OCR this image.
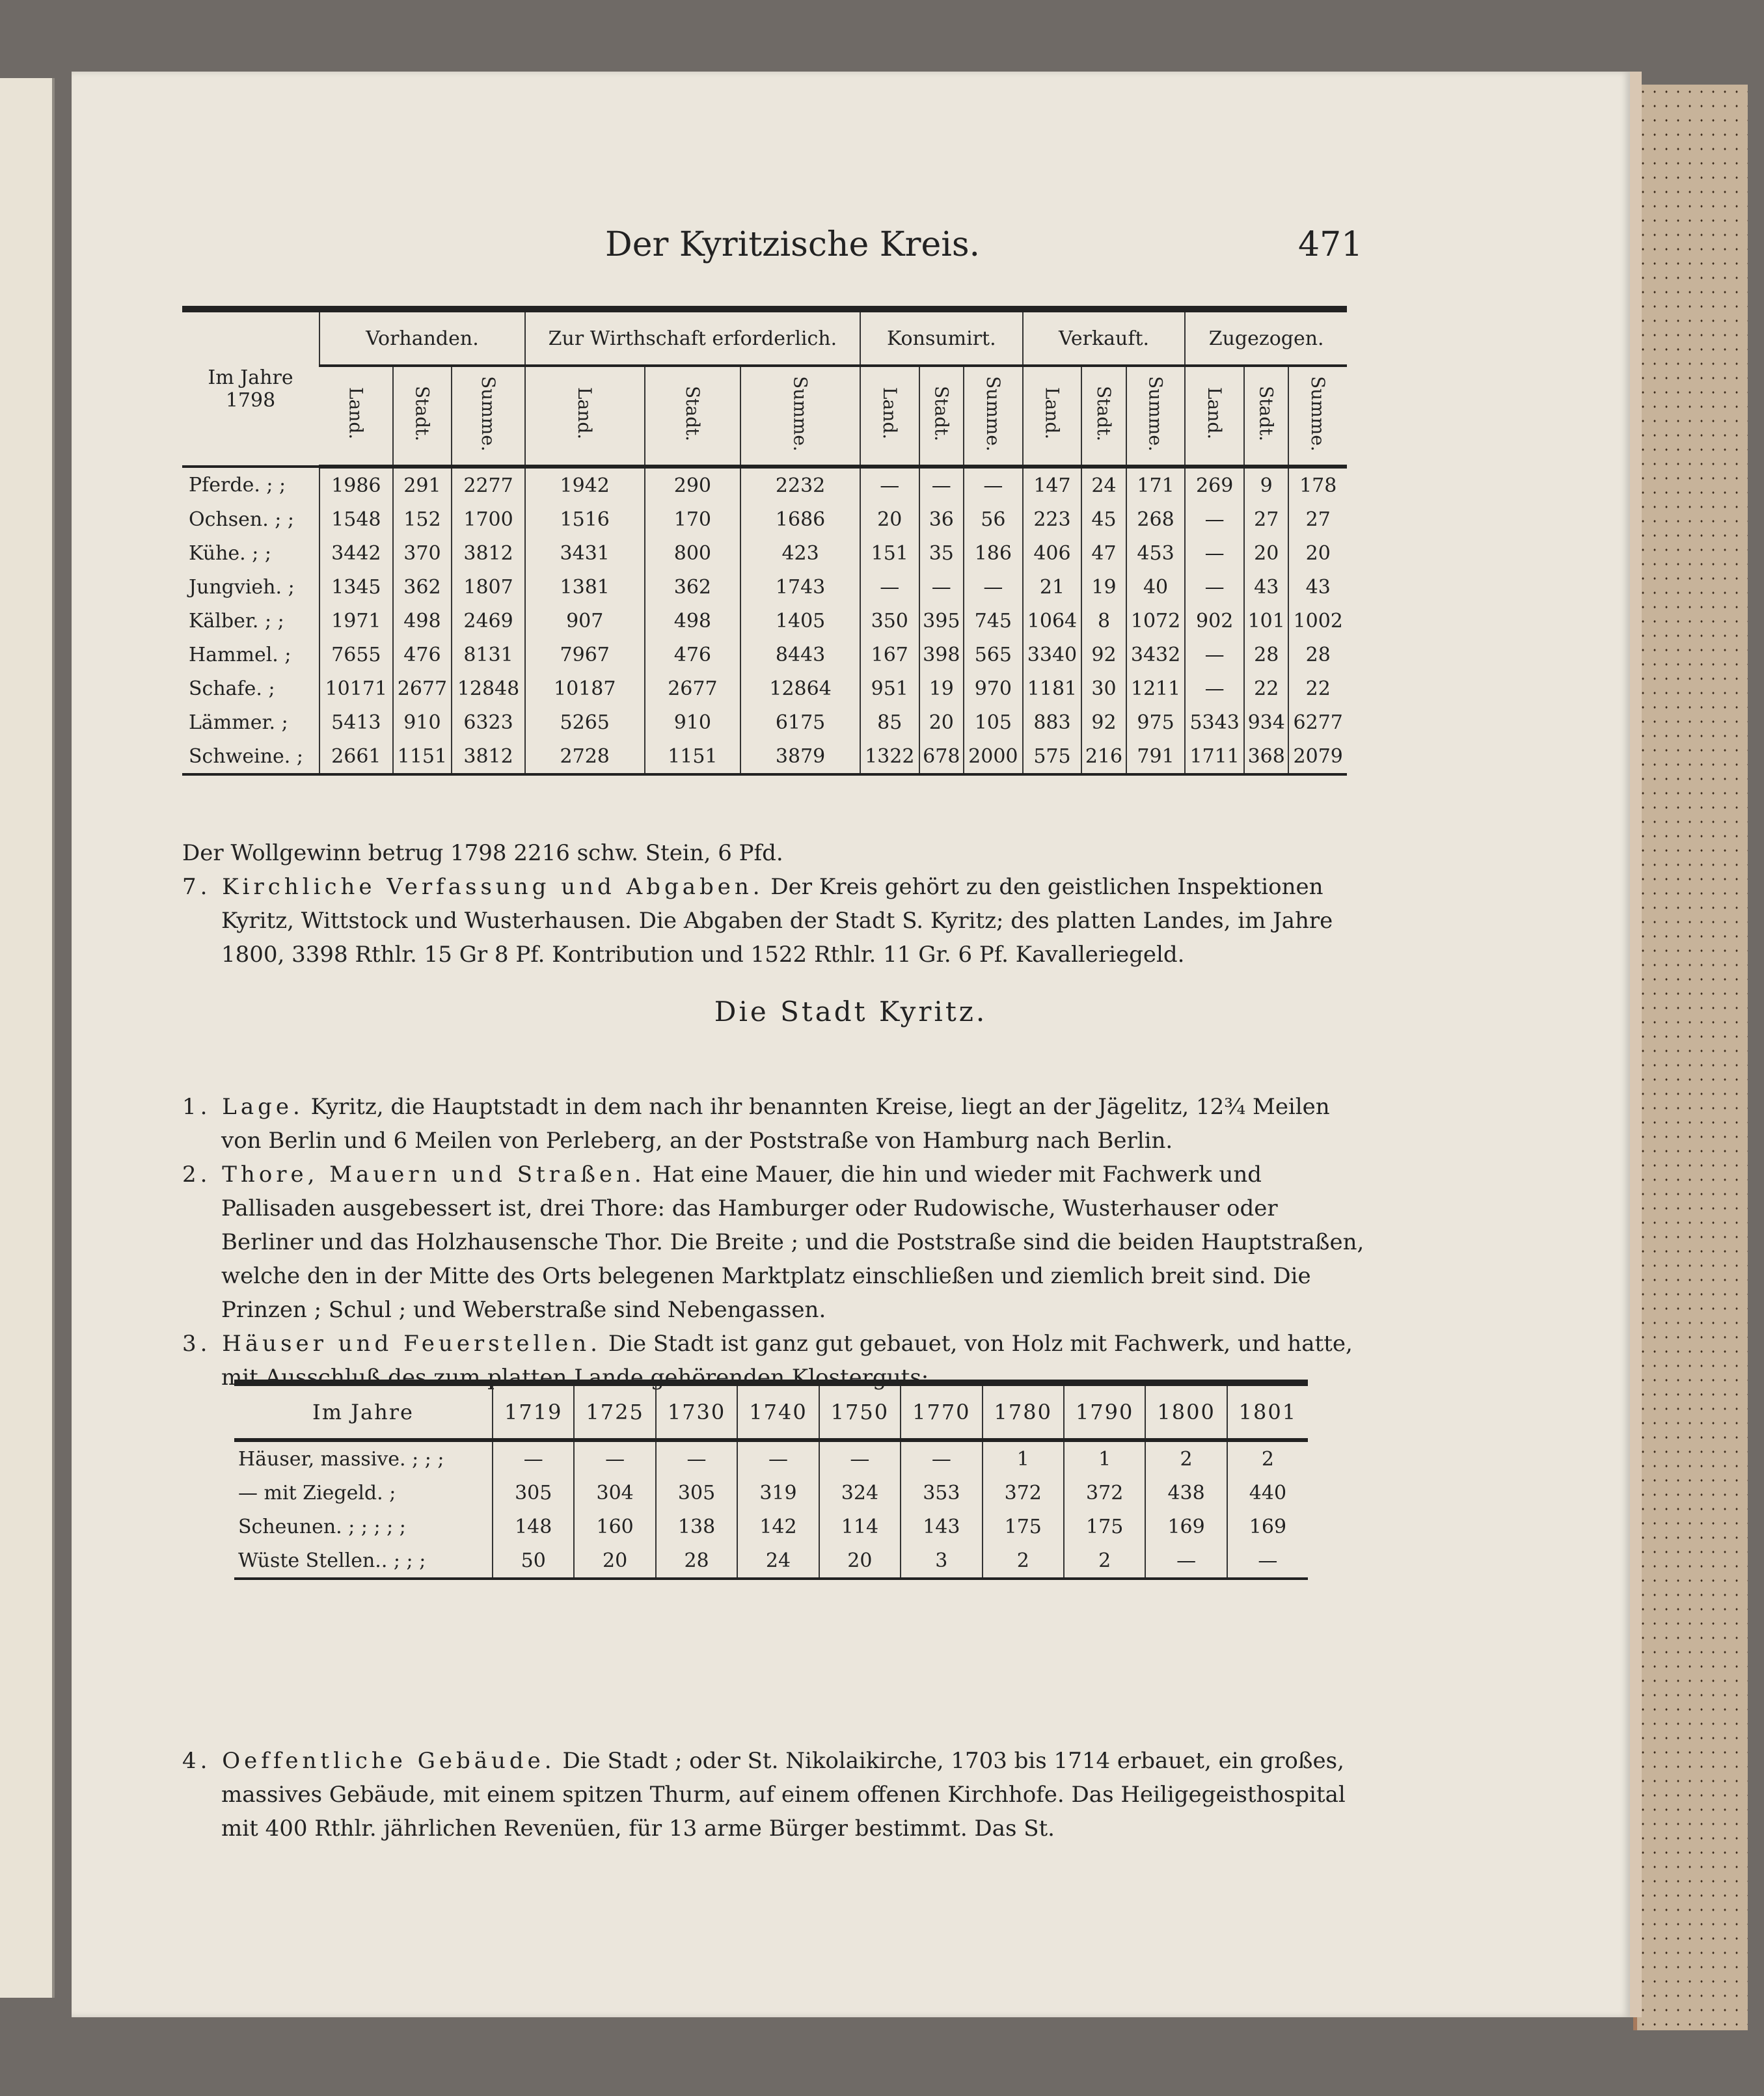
Der Kyritzische Kreis.	471
Im Jahre 1798	Vorhanden.			Zur Wirthschaft erforderlich.			Konsumirt.			Verkauft.			Zugezogen.		
	Land.	Stadt.	Summe.	Land.	Stadt.	Summe.	Land.	Stadt.	Summe.	Land.	Stadt.	Summe.	Land.	Stadt.	Summe.
Pferde. ; ;	1986	291	2277	1942	290	2232	—	—	—	147	24	171	269	9	178
Ochsen. ; ;	1548	152	1700	1516	170	1686	20	36	56	223	45	268	—	27	27
Kühe. ; ;	3442	370	3812	3431	800	423	151	35	186	406	47	453	—	20	20
Jungvieh. ;	1345	362	1807	1381	362	1743	—	—	—	21	19	40	—	43	43
Kälber. ; ;	1971	498	2469	907	498	1405	350	395	745	1064	8	1072	902	101	1002
Hammel. ;	7655	476	8131	7967	476	8443	167	398	565	3340	92	3432	—	28	28
Schafe. ;	10171	2677	12848	10187	2677	12864	951	19	970	1181	30	1211	—	22	22
Lämmer. ;	5413	910	6323	5265	910	6175	85	20	105	883	92	975	5343	934	6277
Schweine. ;	2661	1151	3812	2728	1151	3879	1322	678	2000	575	216	791	1711	368	2079
Der Wollgewinn betrug 1798 2216 schw. Stein, 6 Pfd.
7. Kirchliche Verfassung und Abgaben. Der Kreis gehört zu den geistlichen Inspektionen Kyritz, Wittstock und Wusterhausen. Die Abgaben der Stadt S. Kyritz; des platten Landes, im Jahre 1800, 3398 Rthlr. 15 Gr 8 Pf. Kontribution und 1522 Rthlr. 11 Gr. 6 Pf. Kavalleriegeld.
Die Stadt Kyritz.
1. Lage. Kyritz, die Hauptstadt in dem nach ihr benannten Kreise, liegt an der Jägelitz, 12¾ Meilen von Berlin und 6 Meilen von Perleberg, an der Poststraße von Hamburg nach Berlin.
2. Thore, Mauern und Straßen. Hat eine Mauer, die hin und wieder mit Fachwerk und Pallisaden ausgebessert ist, drei Thore: das Hamburger oder Rudowische, Wusterhauser oder Berliner und das Holzhausensche Thor. Die Breite ; und die Poststraße sind die beiden Hauptstraßen, welche den in der Mitte des Orts belegenen Marktplatz einschließen und ziemlich breit sind. Die Prinzen ; Schul ; und Weberstraße sind Nebengassen.
3. Häuser und Feuerstellen. Die Stadt ist ganz gut gebauet, von Holz mit Fachwerk, und hatte, mit Ausschluß des zum platten Lande gehörenden Klosterguts:
Im Jahre	1719	1725	1730	1740	1750	1770	1780	1790	1800	1801
Häuser, massive. ; ; ;	—	—	—	—	—	—	1	1	2	2
— mit Ziegeld. ;	305	304	305	319	324	353	372	372	438	440
Scheunen. ; ; ; ; ;	148	160	138	142	114	143	175	175	169	169
Wüste Stellen.. ; ; ;	50	20	28	24	20	3	2	2	—	—
4. Oeffentliche Gebäude. Die Stadt ; oder St. Nikolaikirche, 1703 bis 1714 erbauet, ein großes, massives Gebäude, mit einem spitzen Thurm, auf einem offenen Kirchhofe. Das Heiligegeisthospital mit 400 Rthlr. jährlichen Revenüen, für 13 arme Bürger bestimmt. Das St.
